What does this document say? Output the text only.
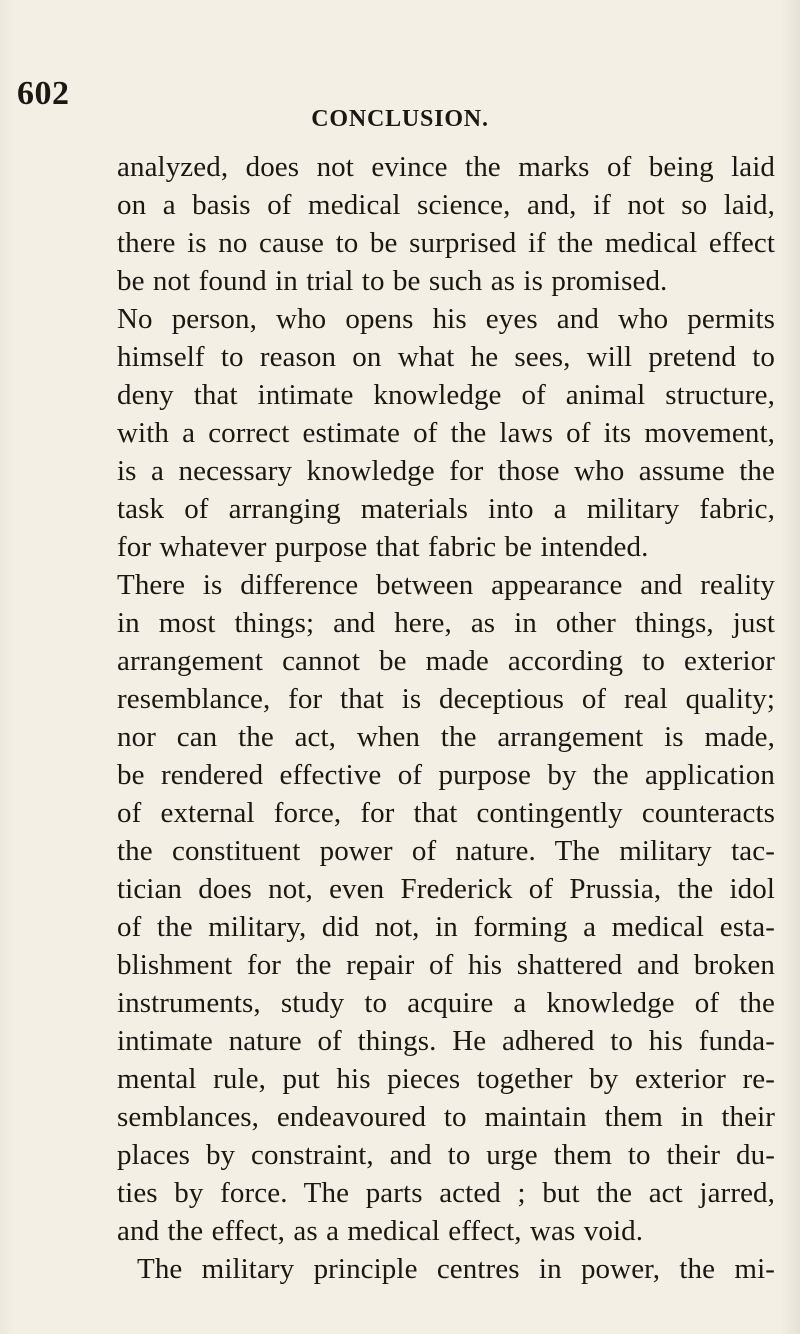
602
CONCLUSION.
analyzed, does not evince the marks of being laid
on a basis of medical science, and, if not so laid,
there is no cause to be surprised if the medical effect
be not found in trial to be such as is promised.
No person, who opens his eyes and who permits
himself to reason on what he sees, will pretend to
deny that intimate knowledge of animal structure,
with a correct estimate of the laws of its movement,
is a necessary knowledge for those who assume the
task of arranging materials into a military fabric,
for whatever purpose that fabric be intended.
There is difference between appearance and reality
in most things; and here, as in other things, just
arrangement cannot be made according to exterior
resemblance, for that is deceptious of real quality;
nor can the act, when the arrangement is made,
be rendered effective of purpose by the application
of external force, for that contingently counteracts
the constituent power of nature. The military tac-
tician does not, even Frederick of Prussia, the idol
of the military, did not, in forming a medical esta-
blishment for the repair of his shattered and broken
instruments, study to acquire a knowledge of the
intimate nature of things. He adhered to his funda-
mental rule, put his pieces together by exterior re-
semblances, endeavoured to maintain them in their
places by constraint, and to urge them to their du-
ties by force. The parts acted ; but the act jarred,
and the effect, as a medical effect, was void.
The military principle centres in power, the mi-
